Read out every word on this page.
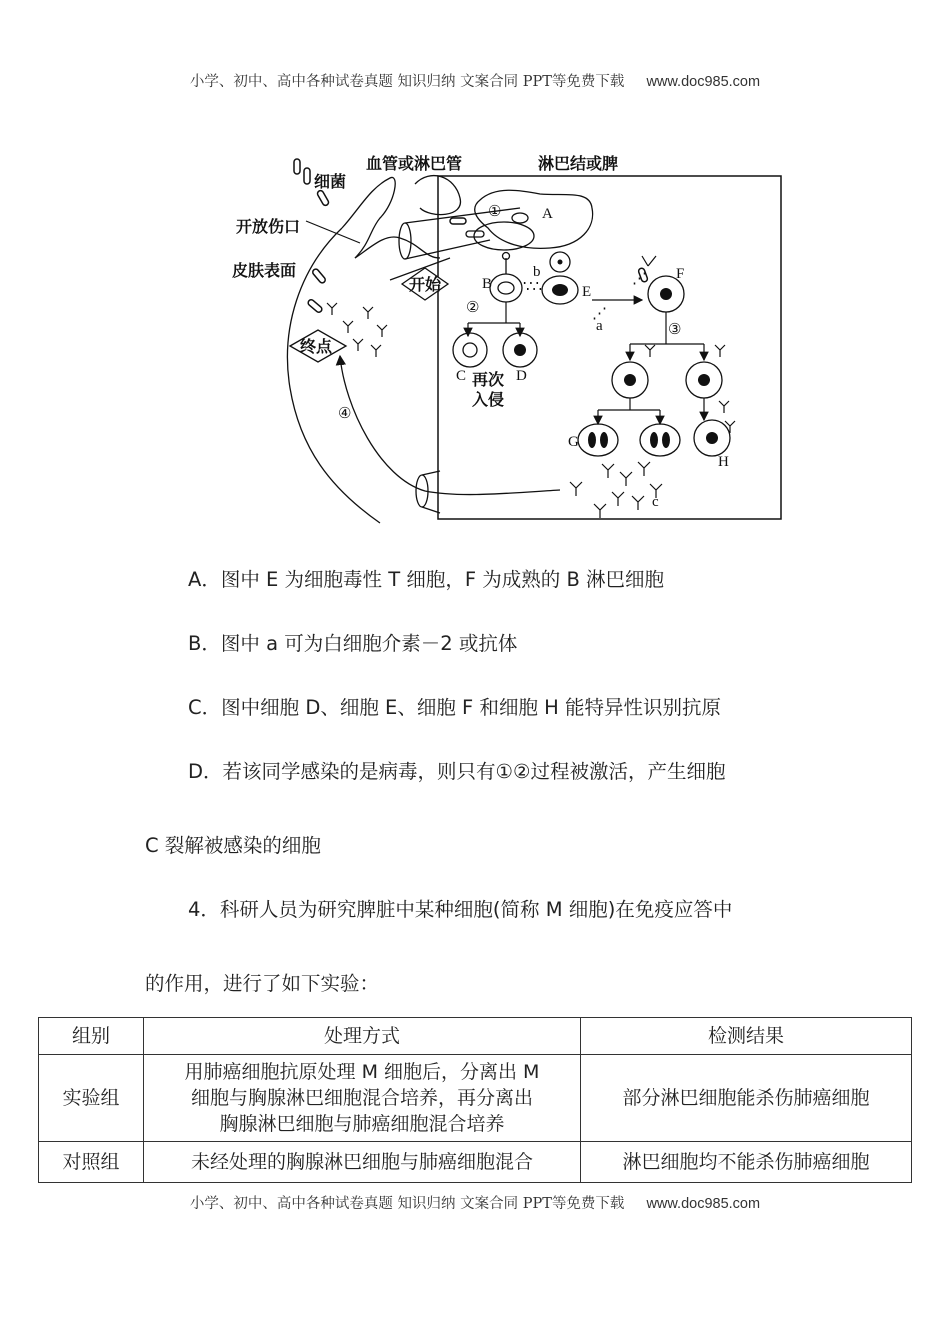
小学、初中、高中各种试卷真题 知识归纳 文案合同 PPT等免费下载 www.doc985.com
∵∴
⋰
⋰
细菌
血管或淋巴管	淋巴结或脾
开放伤口
皮肤表面
开始
终点
再次
入侵
A
B
b
E
F
C	D
G
H
a
c
①
②
③
④
A．图中 E 为细胞毒性 T 细胞，F 为成熟的 B 淋巴细胞
B．图中 a 可为白细胞介素－2 或抗体
C．图中细胞 D、细胞 E、细胞 F 和细胞 H 能特异性识别抗原
D．若该同学感染的是病毒，则只有①②过程被激活，产生细胞
C 裂解被感染的细胞
4．科研人员为研究脾脏中某种细胞(简称 M 细胞)在免疫应答中
的作用，进行了如下实验：
组别	处理方式	检测结果
实验组	用肺癌细胞抗原处理 M 细胞后，分离出 M
细胞与胸腺淋巴细胞混合培养，再分离出
胸腺淋巴细胞与肺癌细胞混合培养	部分淋巴细胞能杀伤肺癌细胞
对照组	未经处理的胸腺淋巴细胞与肺癌细胞混合	淋巴细胞均不能杀伤肺癌细胞
小学、初中、高中各种试卷真题 知识归纳 文案合同 PPT等免费下载 www.doc985.com
